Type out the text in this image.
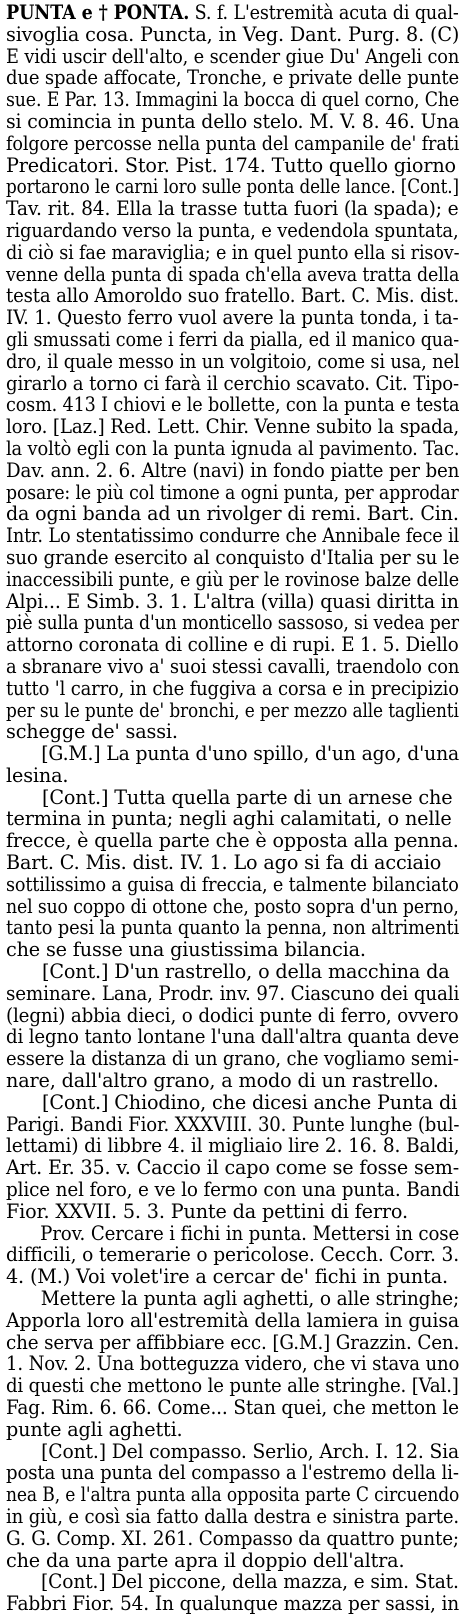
PUNTA e † PONTA. S. f. L'estremità acuta di qual-
sivoglia cosa. Puncta, in Veg. Dant. Purg. 8. (C)
E vidi uscir dell'alto, e scender giue Du' Angeli con
due spade affocate, Tronche, e private delle punte
sue. E Par. 13. Immagini la bocca di quel corno, Che
si comincia in punta dello stelo. M. V. 8. 46. Una
folgore percosse nella punta del campanile de' frati
Predicatori. Stor. Pist. 174. Tutto quello giorno
portarono le carni loro sulle ponta delle lance. [Cont.]
Tav. rit. 84. Ella la trasse tutta fuori (la spada); e
riguardando verso la punta, e vedendola spuntata,
di ciò si fae maraviglia; e in quel punto ella si risov-
venne della punta di spada ch'ella aveva tratta della
testa allo Amoroldo suo fratello. Bart. C. Mis. dist.
IV. 1. Questo ferro vuol avere la punta tonda, i ta-
gli smussati come i ferri da pialla, ed il manico qua-
dro, il quale messo in un volgitoio, come si usa, nel
girarlo a torno ci farà il cerchio scavato. Cit. Tipo-
cosm. 413 I chiovi e le bollette, con la punta e testa
loro. [Laz.] Red. Lett. Chir. Venne subito la spada,
la voltò egli con la punta ignuda al pavimento. Tac.
Dav. ann. 2. 6. Altre (navi) in fondo piatte per ben
posare: le più col timone a ogni punta, per approdar
da ogni banda ad un rivolger di remi. Bart. Cin.
Intr. Lo stentatissimo condurre che Annibale fece il
suo grande esercito al conquisto d'Italia per su le
inaccessibili punte, e giù per le rovinose balze delle
Alpi... E Simb. 3. 1. L'altra (villa) quasi diritta in
piè sulla punta d'un monticello sassoso, si vedea per
attorno coronata di colline e di rupi. E 1. 5. Diello
a sbranare vivo a' suoi stessi cavalli, traendolo con
tutto 'l carro, in che fuggiva a corsa e in precipizio
per su le punte de' bronchi, e per mezzo alle taglienti
schegge de' sassi.
[G.M.] La punta d'uno spillo, d'un ago, d'una
lesina.
[Cont.] Tutta quella parte di un arnese che
termina in punta; negli aghi calamitati, o nelle
frecce, è quella parte che è opposta alla penna.
Bart. C. Mis. dist. IV. 1. Lo ago si fa di acciaio
sottilissimo a guisa di freccia, e talmente bilanciato
nel suo coppo di ottone che, posto sopra d'un perno,
tanto pesi la punta quanto la penna, non altrimenti
che se fusse una giustissima bilancia.
[Cont.] D'un rastrello, o della macchina da
seminare. Lana, Prodr. inv. 97. Ciascuno dei quali
(legni) abbia dieci, o dodici punte di ferro, ovvero
di legno tanto lontane l'una dall'altra quanta deve
essere la distanza di un grano, che vogliamo semi-
nare, dall'altro grano, a modo di un rastrello.
[Cont.] Chiodino, che dicesi anche Punta di
Parigi. Bandi Fior. XXXVIII. 30. Punte lunghe (bul-
lettami) di libbre 4. il migliaio lire 2. 16. 8. Baldi,
Art. Er. 35. v. Caccio il capo come se fosse sem-
plice nel foro, e ve lo fermo con una punta. Bandi
Fior. XXVII. 5. 3. Punte da pettini di ferro.
Prov. Cercare i fichi in punta. Mettersi in cose
difficili, o temerarie o pericolose. Cecch. Corr. 3.
4. (M.) Voi volet'ire a cercar de' fichi in punta.
Mettere la punta agli aghetti, o alle stringhe;
Apporla loro all'estremità della lamiera in guisa
che serva per affibbiare ecc. [G.M.] Grazzin. Cen.
1. Nov. 2. Una botteguzza videro, che vi stava uno
di questi che mettono le punte alle stringhe. [Val.]
Fag. Rim. 6. 66. Come... Stan quei, che metton le
punte agli aghetti.
[Cont.] Del compasso. Serlio, Arch. I. 12. Sia
posta una punta del compasso a l'estremo della li-
nea B, e l'altra punta alla opposita parte C circuendo
in giù, e così sia fatto dalla destra e sinistra parte.
G. G. Comp. XI. 261. Compasso da quattro punte;
che da una parte apra il doppio dell'altra.
[Cont.] Del piccone, della mazza, e sim. Stat.
Fabbri Fior. 54. In qualunque mazza per sassi, in
